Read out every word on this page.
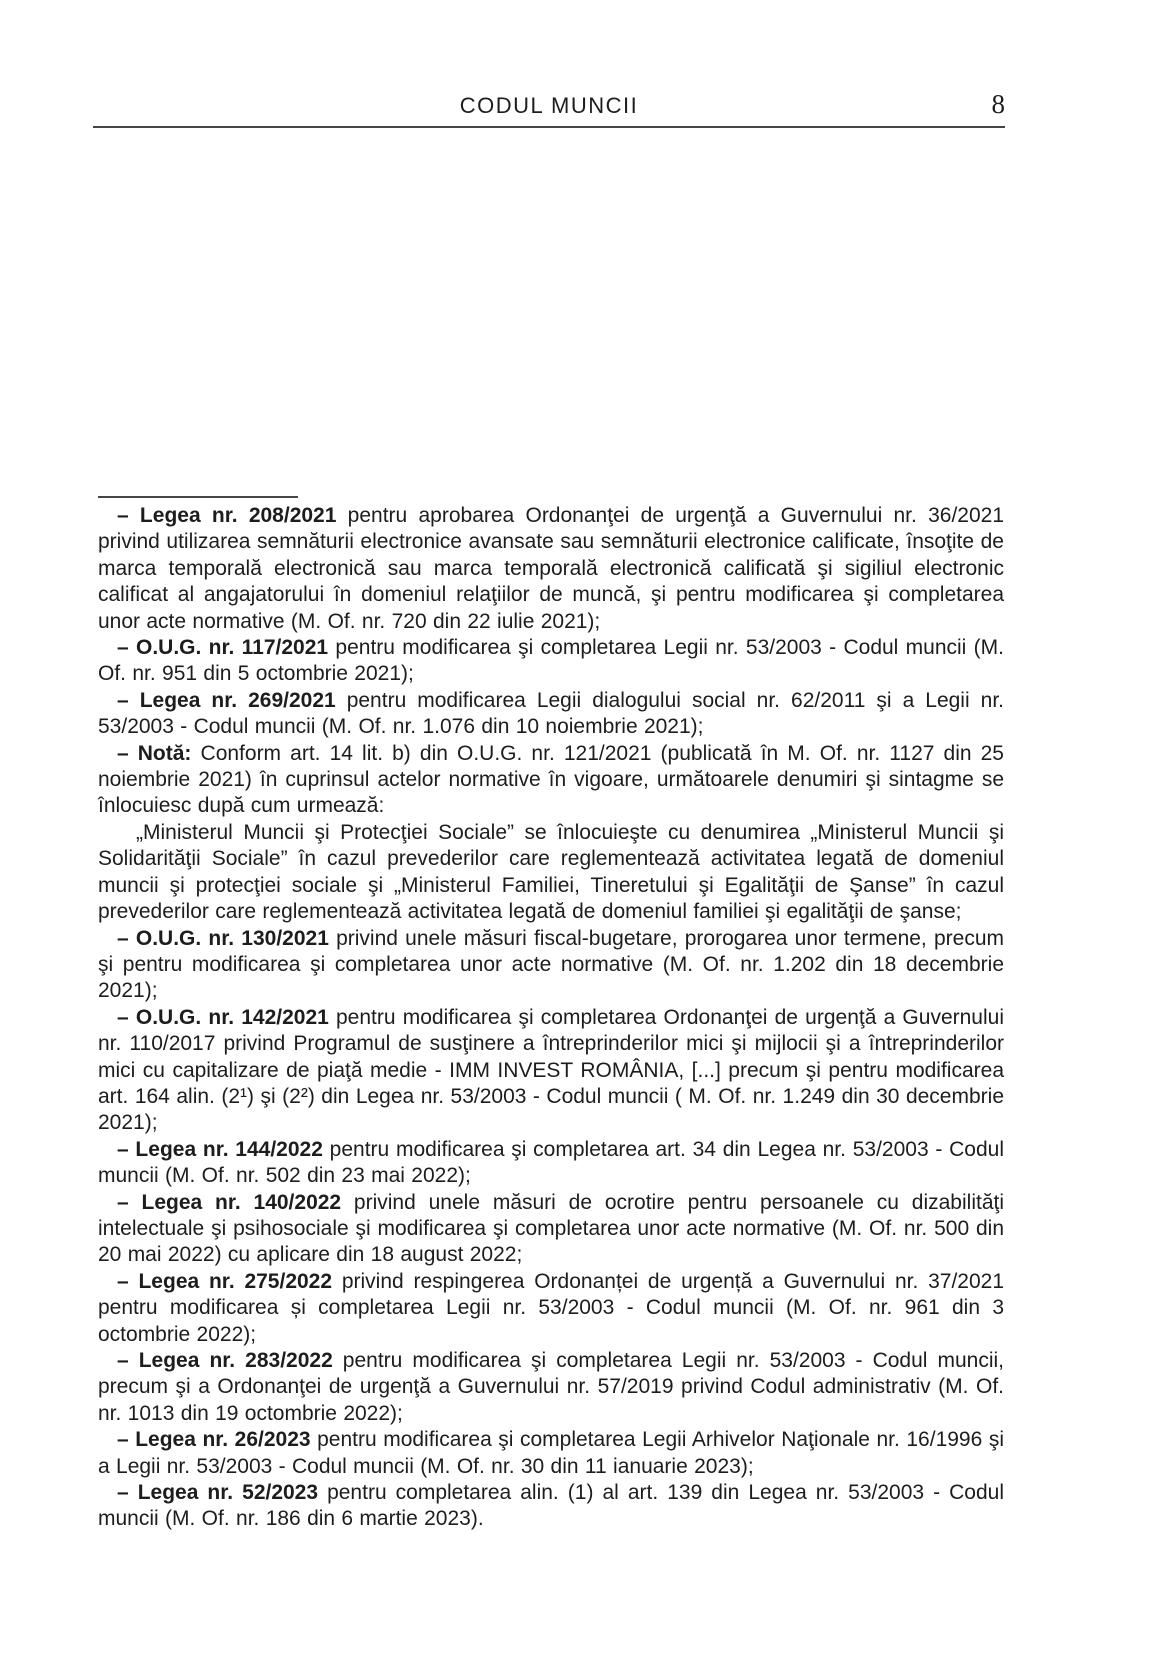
CODUL MUNCII	8

– Legea nr. 208/2021 pentru aprobarea Ordonanţei de urgenţă a Guvernului nr. 36/2021 privind utilizarea semnăturii electronice avansate sau semnăturii electronice calificate, însoţite de marca temporală electronică sau marca temporală electronică calificată şi sigiliul electronic calificat al angajatorului în domeniul relaţiilor de muncă, şi pentru modificarea şi completarea unor acte normative (M. Of. nr. 720 din 22 iulie 2021);

– O.U.G. nr. 117/2021 pentru modificarea şi completarea Legii nr. 53/2003 - Codul muncii (M. Of. nr. 951 din 5 octombrie 2021);

– Legea nr. 269/2021 pentru modificarea Legii dialogului social nr. 62/2011 şi a Legii nr. 53/2003 - Codul muncii (M. Of. nr. 1.076 din 10 noiembrie 2021);

– Notă: Conform art. 14 lit. b) din O.U.G. nr. 121/2021 (publicată în M. Of. nr. 1127 din 25 noiembrie 2021) în cuprinsul actelor normative în vigoare, următoarele denumiri şi sintagme se înlocuiesc după cum urmează:

„Ministerul Muncii şi Protecţiei Sociale” se înlocuieşte cu denumirea „Ministerul Muncii şi Solidarităţii Sociale” în cazul prevederilor care reglementează activitatea legată de domeniul muncii şi protecţiei sociale şi „Ministerul Familiei, Tineretului şi Egalităţii de Şanse” în cazul prevederilor care reglementează activitatea legată de domeniul familiei şi egalităţii de şanse;

– O.U.G. nr. 130/2021 privind unele măsuri fiscal-bugetare, prorogarea unor termene, precum şi pentru modificarea şi completarea unor acte normative (M. Of. nr. 1.202 din 18 decembrie 2021);

– O.U.G. nr. 142/2021 pentru modificarea şi completarea Ordonanţei de urgenţă a Guvernului nr. 110/2017 privind Programul de susţinere a întreprinderilor mici şi mijlocii şi a întreprinderilor mici cu capitalizare de piaţă medie - IMM INVEST ROMÂNIA, [...] precum şi pentru modificarea art. 164 alin. (2¹) şi (2²) din Legea nr. 53/2003 - Codul muncii ( M. Of. nr. 1.249 din 30 decembrie 2021);

– Legea nr. 144/2022 pentru modificarea şi completarea art. 34 din Legea nr. 53/2003 - Codul muncii (M. Of. nr. 502 din 23 mai 2022);

– Legea nr. 140/2022 privind unele măsuri de ocrotire pentru persoanele cu dizabilităţi intelectuale şi psihosociale şi modificarea şi completarea unor acte normative (M. Of. nr. 500 din 20 mai 2022) cu aplicare din 18 august 2022;

– Legea nr. 275/2022 privind respingerea Ordonanței de urgență a Guvernului nr. 37/2021 pentru modificarea și completarea Legii nr. 53/2003 - Codul muncii (M. Of. nr. 961 din 3 octombrie 2022);

– Legea nr. 283/2022 pentru modificarea şi completarea Legii nr. 53/2003 - Codul muncii, precum şi a Ordonanţei de urgenţă a Guvernului nr. 57/2019 privind Codul administrativ (M. Of. nr. 1013 din 19 octombrie 2022);

– Legea nr. 26/2023 pentru modificarea şi completarea Legii Arhivelor Naţionale nr. 16/1996 şi a Legii nr. 53/2003 - Codul muncii (M. Of. nr. 30 din 11 ianuarie 2023);

– Legea nr. 52/2023 pentru completarea alin. (1) al art. 139 din Legea nr. 53/2003 - Codul muncii (M. Of. nr. 186 din 6 martie 2023).
